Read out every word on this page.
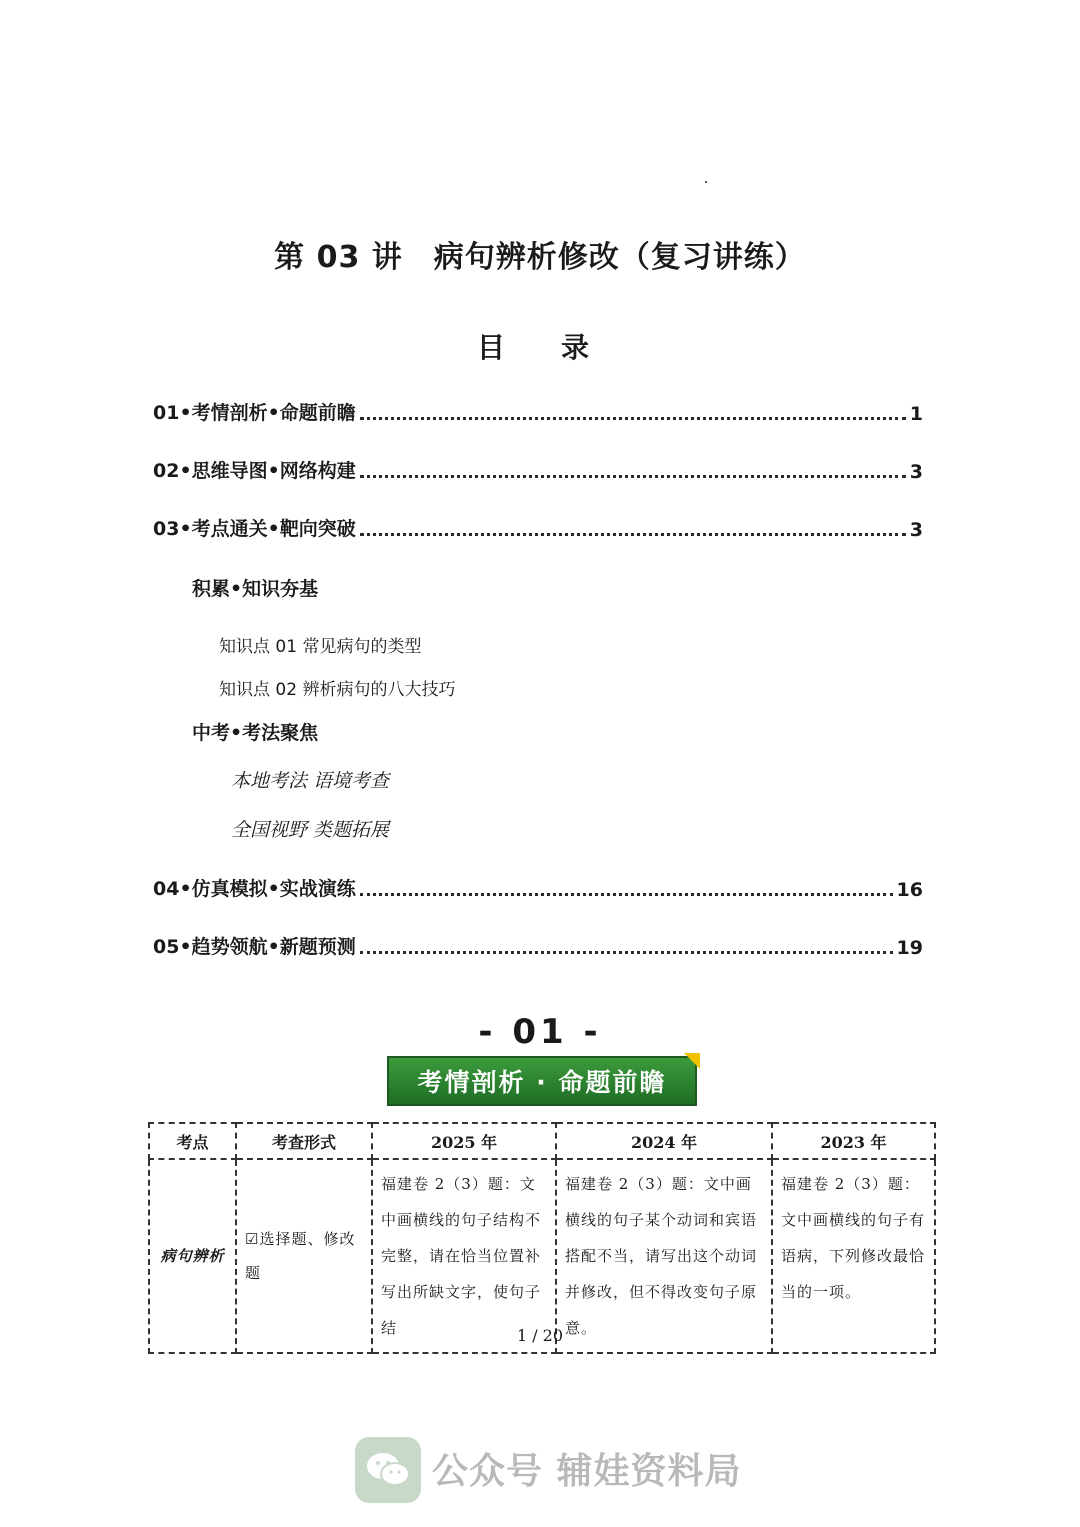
第 03 讲　病句辨析修改（复习讲练）
目　录
01•考情剖析•命题前瞻	1
02•思维导图•网络构建	3
03•考点通关•靶向突破	3
积累•知识夯基
知识点 01 常见病句的类型
知识点 02 辨析病句的八大技巧
中考•考法聚焦
本地考法 语境考查
全国视野 类题拓展
04•仿真模拟•实战演练	16
05•趋势领航•新题预测	19
- 01 -
考情剖析 · 命题前瞻
考点	考查形式	2025 年	2024 年	2023 年
病句辨析	☑选择题、修改题	福建卷 2（3）题：文中画横线的句子结构不完整，请在恰当位置补写出所缺文字，使句子结	福建卷 2（3）题：文中画横线的句子某个动词和宾语搭配不当，请写出这个动词并修改，但不得改变句子原意。	福建卷 2（3）题：文中画横线的句子有语病，下列修改最恰当的一项。
1 / 20
公众号 辅娃资料局
